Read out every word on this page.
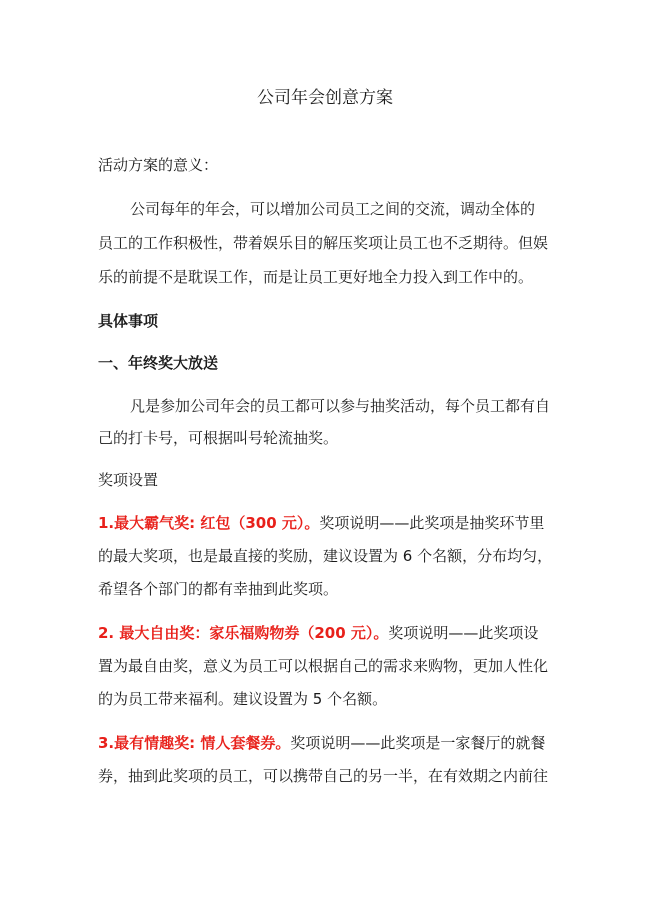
公司年会创意方案
活动方案的意义：
公司每年的年会，可以增加公司员工之间的交流，调动全体的
员工的工作积极性，带着娱乐目的解压奖项让员工也不乏期待。但娱
乐的前提不是耽误工作，而是让员工更好地全力投入到工作中的。
具体事项
一、年终奖大放送
凡是参加公司年会的员工都可以参与抽奖活动，每个员工都有自
己的打卡号，可根据叫号轮流抽奖。
奖项设置
1.最大霸气奖: 红包（300 元）。奖项说明——此奖项是抽奖环节里
的最大奖项，也是最直接的奖励，建议设置为 6 个名额，分布均匀，
希望各个部门的都有幸抽到此奖项。
2. 最大自由奖：家乐福购物券（200 元）。奖项说明——此奖项设
置为最自由奖，意义为员工可以根据自己的需求来购物，更加人性化
的为员工带来福利。建议设置为 5 个名额。
3.最有情趣奖: 情人套餐券。奖项说明——此奖项是一家餐厅的就餐
券，抽到此奖项的员工，可以携带自己的另一半，在有效期之内前往
